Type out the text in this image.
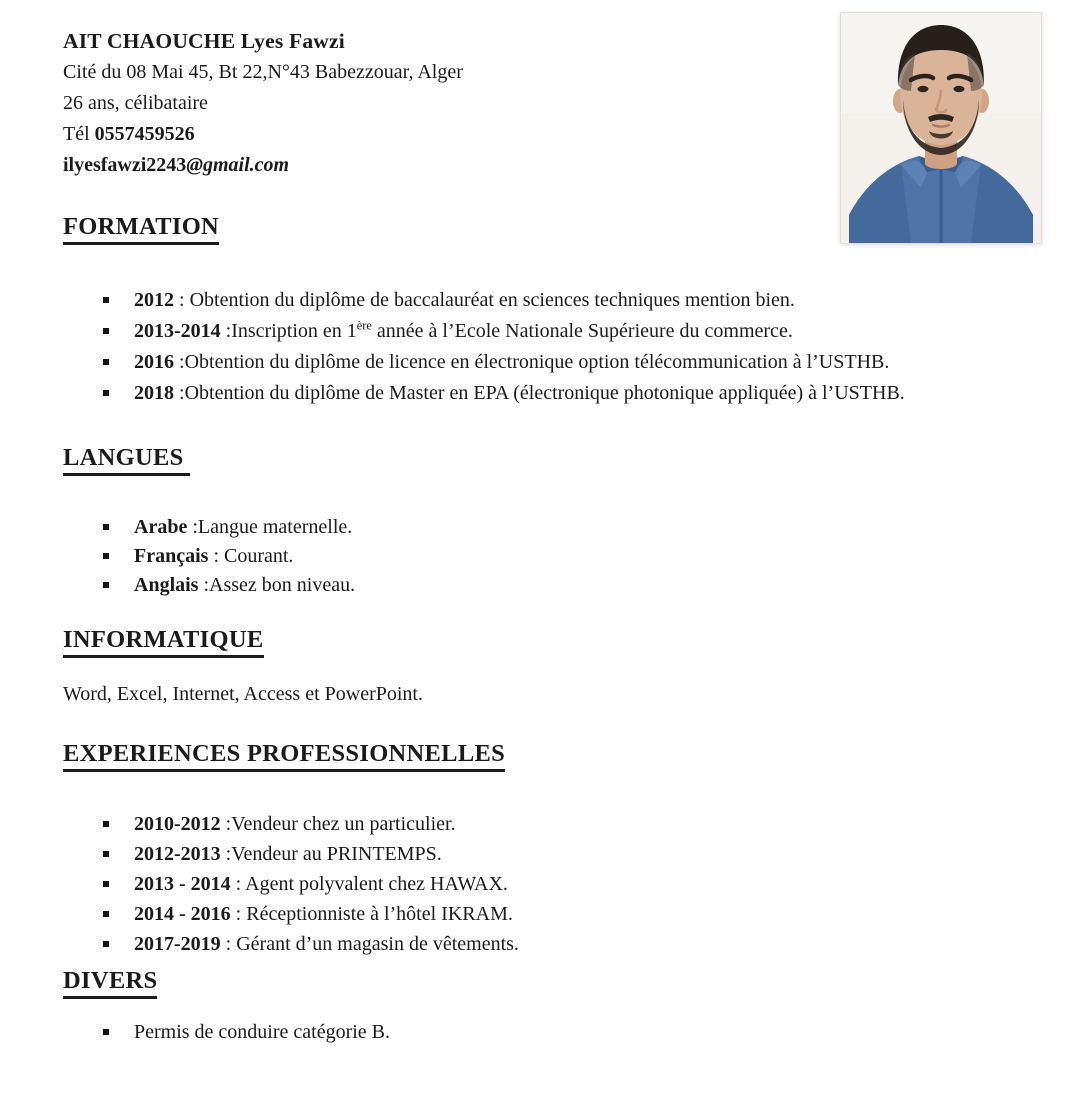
AIT CHAOUCHE Lyes Fawzi
Cité du 08 Mai 45, Bt 22,N°43 Babezzouar, Alger
26 ans, célibataire
Tél 0557459526
ilyesfawzi2243@gmail.com
FORMATION
2012 : Obtention du diplôme de baccalauréat en sciences techniques mention bien.
2013-2014 :Inscription en 1ère année à l’Ecole Nationale Supérieure du commerce.
2016 :Obtention du diplôme de licence en électronique option télécommunication à l’USTHB.
2018 :Obtention du diplôme de Master en EPA (électronique photonique appliquée) à l’USTHB.
LANGUES
Arabe :Langue maternelle.
Français : Courant.
Anglais :Assez bon niveau.
INFORMATIQUE

Word, Excel, Internet, Access et PowerPoint.

EXPERIENCES PROFESSIONNELLES
2010-2012 :Vendeur chez un particulier.
2012-2013 :Vendeur au PRINTEMPS.
2013 - 2014 : Agent polyvalent chez HAWAX.
2014 - 2016 : Réceptionniste à l’hôtel IKRAM.
2017-2019 : Gérant d’un magasin de vêtements.
DIVERS
Permis de conduire catégorie B.
